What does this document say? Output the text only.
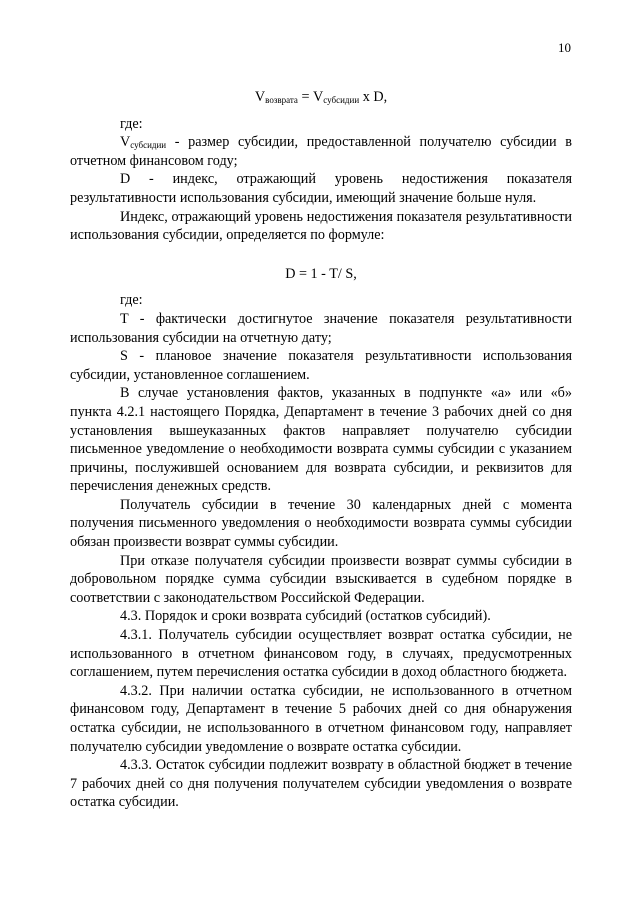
10

$V_{возврата} = V_{субсидии}$ x D,

где:

$V_{субсидии}$ - размер субсидии, предоставленной получателю субсидии в отчетном финансовом году;

D - индекс, отражающий уровень недостижения показателя результативности использования субсидии, имеющий значение больше нуля.

Индекс, отражающий уровень недостижения показателя результативности использования субсидии, определяется по формуле:

D = 1 - T/ S,

где:

T - фактически достигнутое значение показателя результативности использования субсидии на отчетную дату;

S - плановое значение показателя результативности использования субсидии, установленное соглашением.

В случае установления фактов, указанных в подпункте «а» или «б» пункта 4.2.1 настоящего Порядка, Департамент в течение 3 рабочих дней со дня установления вышеуказанных фактов направляет получателю субсидии письменное уведомление о необходимости возврата суммы субсидии с указанием причины, послужившей основанием для возврата субсидии, и реквизитов для перечисления денежных средств.

Получатель субсидии в течение 30 календарных дней с момента получения письменного уведомления о необходимости возврата суммы субсидии обязан произвести возврат суммы субсидии.

При отказе получателя субсидии произвести возврат суммы субсидии в добровольном порядке сумма субсидии взыскивается в судебном порядке в соответствии с законодательством Российской Федерации.

4.3. Порядок и сроки возврата субсидий (остатков субсидий).

4.3.1. Получатель субсидии осуществляет возврат остатка субсидии, не использованного в отчетном финансовом году, в случаях, предусмотренных соглашением, путем перечисления остатка субсидии в доход областного бюджета.

4.3.2. При наличии остатка субсидии, не использованного в отчетном финансовом году, Департамент в течение 5 рабочих дней со дня обнаружения остатка субсидии, не использованного в отчетном финансовом году, направляет получателю субсидии уведомление о возврате остатка субсидии.

4.3.3. Остаток субсидии подлежит возврату в областной бюджет в течение 7 рабочих дней со дня получения получателем субсидии уведомления о возврате остатка субсидии.
